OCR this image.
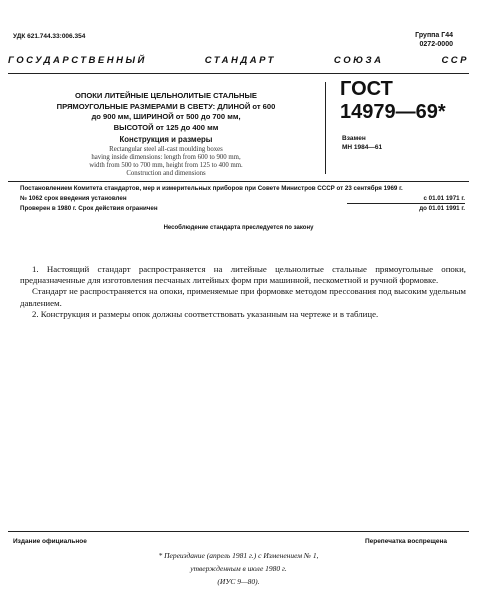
УДК 621.744.33:006.354	Группа Г44
0272-0000
ГОСУДАРСТВЕННЫЙ	СТАНДАРТ	СОЮЗА	ССР
ОПОКИ ЛИТЕЙНЫЕ ЦЕЛЬНОЛИТЫЕ СТАЛЬНЫЕ
ПРЯМОУГОЛЬНЫЕ РАЗМЕРАМИ В СВЕТУ: ДЛИНОЙ от 600
до 900 мм, ШИРИНОЙ от 500 до 700 мм,
ВЫСОТОЙ от 125 до 400 мм
Конструкция и размеры
Rectangular steel all-cast moulding boxes
having inside dimensions: length from 600 to 900 mm,
width from 500 to 700 mm, height from 125 to 400 mm.
Construction and dimensions
ГОСТ
14979—69*
Взамен
МН 1984—61
Постановлением Комитета стандартов, мер и измерительных приборов при Совете Министров СССР от 23 сентября 1969 г.
№ 1062 срок введения установлен	с 01.01 1971 г.
Проверен в 1980 г. Срок действия ограничен	до 01.01 1991 г.
Несоблюдение стандарта преследуется по закону

1. Настоящий стандарт распространяется на литейные цельнолитые стальные прямоугольные опоки, предназначенные для изготовления песчаных литейных форм при машинной, пескометной и ручной формовке.

Стандарт не распространяется на опоки, применяемые при формовке методом прессования под высоким удельным давлением.

2. Конструкция и размеры опок должны соответствовать указанным на чертеже и в таблице.

Издание официальное	Перепечатка воспрещена
* Переиздание (апрель 1981 г.) с Изменением № 1,
утвержденным в июле 1980 г.
(ИУС 9—80).
